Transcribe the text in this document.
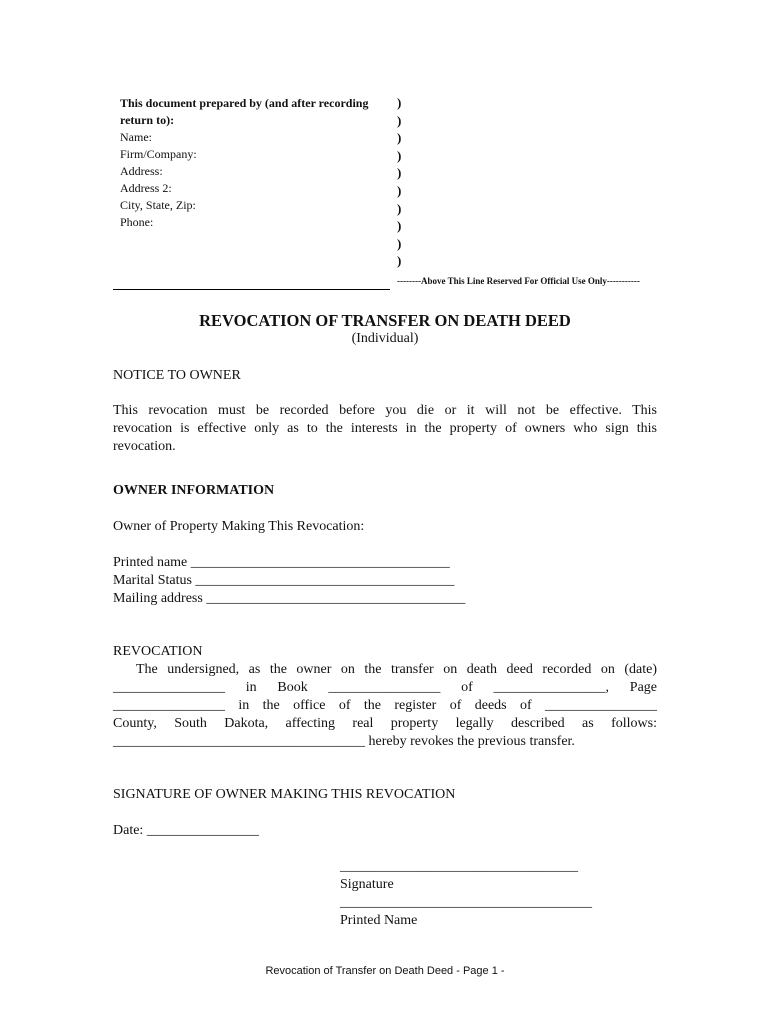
This document prepared by (and after recording
return to):
Name:
Firm/Company:
Address:
Address 2:
City, State, Zip:
Phone:
)
)
)
)
)
)
)
)
)
)
--------Above This Line Reserved For Official Use Only-----------
REVOCATION OF TRANSFER ON DEATH DEED
(Individual)
NOTICE TO OWNER
This revocation must be recorded before you die or it will not be effective. This
revocation is effective only as to the interests in the property of owners who sign this
revocation.
OWNER INFORMATION
Owner of Property Making This Revocation:
Printed name _____________________________________
Marital Status _____________________________________
Mailing address _____________________________________
REVOCATION
The undersigned, as the owner on the transfer on death deed recorded on (date)
________________ in Book ________________ of ________________, Page
________________ in the office of the register of deeds of ________________
County, South Dakota, affecting real property legally described as follows:
____________________________________ hereby revokes the previous transfer.
SIGNATURE OF OWNER MAKING THIS REVOCATION
Date: ________________
__________________________________
Signature
____________________________________
Printed Name
Revocation of Transfer on Death Deed - Page 1 -
